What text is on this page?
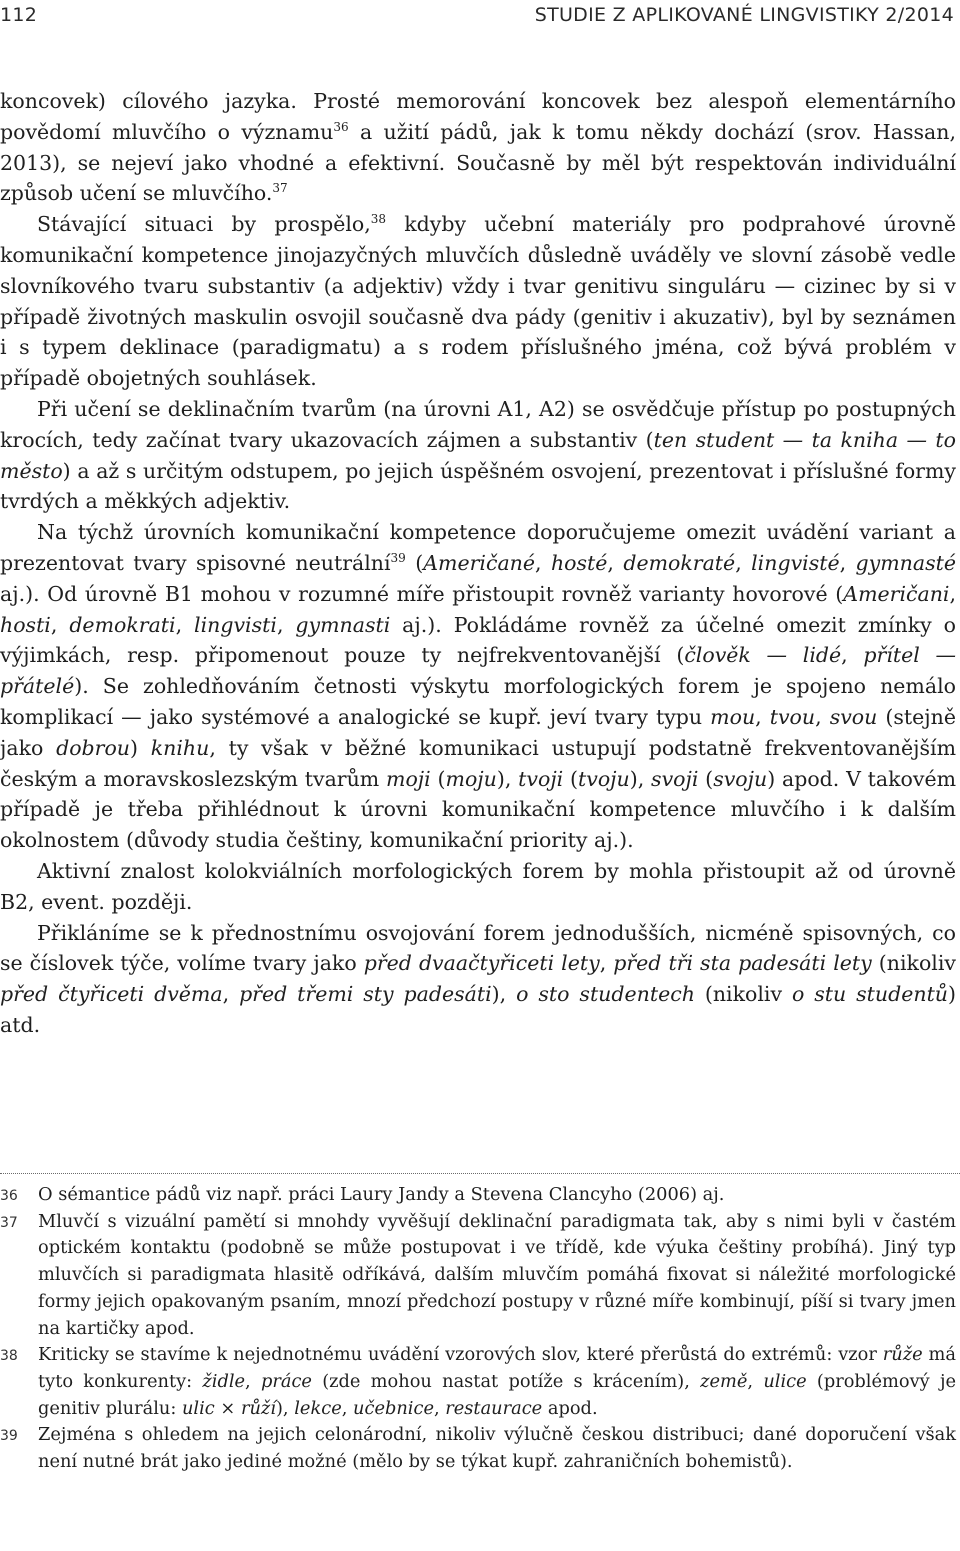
112	STUDIE Z APLIKOVANÉ LINGVISTIKY 2/2014

koncovek) cílového jazyka. Prosté memorování koncovek bez alespoň elementárního povědomí mluvčího o významu$^{36}$ a užití pádů, jak k tomu někdy dochází (srov. Hassan, 2013), se nejeví jako vhodné a efektivní. Současně by měl být respektován individuální způsob učení se mluvčího.$^{37}$

Stávající situaci by prospělo,$^{38}$ kdyby učební materiály pro podprahové úrovně komunikační kompetence jinojazyčných mluvčích důsledně uváděly ve slovní zásobě vedle slovníkového tvaru substantiv (a adjektiv) vždy i tvar genitivu singuláru — cizinec by si v případě životných maskulin osvojil současně dva pády (genitiv i akuzativ), byl by seznámen i s typem deklinace (paradigmatu) a s rodem příslušného jména, což bývá problém v případě obojetných souhlásek.

Při učení se deklinačním tvarům (na úrovni A1, A2) se osvědčuje přístup po postupných krocích, tedy začínat tvary ukazovacích zájmen a substantiv (ten student — ta kniha — to město) a až s určitým odstupem, po jejich úspěšném osvojení, prezentovat i příslušné formy tvrdých a měkkých adjektiv.

Na týchž úrovních komunikační kompetence doporučujeme omezit uvádění variant a prezentovat tvary spisovné neutrální$^{39}$ (Američané, hosté, demokraté, lingvisté, gymnasté aj.). Od úrovně B1 mohou v rozumné míře přistoupit rovněž varianty hovorové (Američani, hosti, demokrati, lingvisti, gymnasti aj.). Pokládáme rovněž za účelné omezit zmínky o výjimkách, resp. připomenout pouze ty nejfrekventovanější (člověk — lidé, přítel — přátelé). Se zohledňováním četnosti výskytu morfologických forem je spojeno nemálo komplikací — jako systémové a analogické se kupř. jeví tvary typu mou, tvou, svou (stejně jako dobrou) knihu, ty však v běžné komunikaci ustupují podstatně frekventovanějším českým a moravskoslezským tvarům moji (moju), tvoji (tvoju), svoji (svoju) apod. V takovém případě je třeba přihlédnout k úrovni komunikační kompetence mluvčího i k dalším okolnostem (důvody studia češtiny, komunikační priority aj.).

Aktivní znalost kolokviálních morfologických forem by mohla přistoupit až od úrovně B2, event. později.

Přikláníme se k přednostnímu osvojování forem jednodušších, nicméně spisovných, co se číslovek týče, volíme tvary jako před dvaačtyřiceti lety, před tři sta padesáti lety (nikoliv před čtyřiceti dvěma, před třemi sty padesáti), o sto studentech (nikoliv o stu studentů) atd.

36 O sémantice pádů viz např. práci Laury Jandy a Stevena Clancyho (2006) aj.
37 Mluvčí s vizuální pamětí si mnohdy vyvěšují deklinační paradigmata tak, aby s nimi byli v častém optickém kontaktu (podobně se může postupovat i ve třídě, kde výuka češtiny probíhá). Jiný typ mluvčích si paradigmata hlasitě odříkává, dalším mluvčím pomáhá fixovat si náležité morfologické formy jejich opakovaným psaním, mnozí předchozí postupy v různé míře kombinují, píší si tvary jmen na kartičky apod.
38 Kriticky se stavíme k nejednotnému uvádění vzorových slov, které přerůstá do extrémů: vzor růže má tyto konkurenty: židle, práce (zde mohou nastat potíže s krácením), země, ulice (problémový je genitiv plurálu: ulic × růží), lekce, učebnice, restaurace apod.
39 Zejména s ohledem na jejich celonárodní, nikoliv výlučně českou distribuci; dané doporučení však není nutné brát jako jediné možné (mělo by se týkat kupř. zahraničních bohemistů).
